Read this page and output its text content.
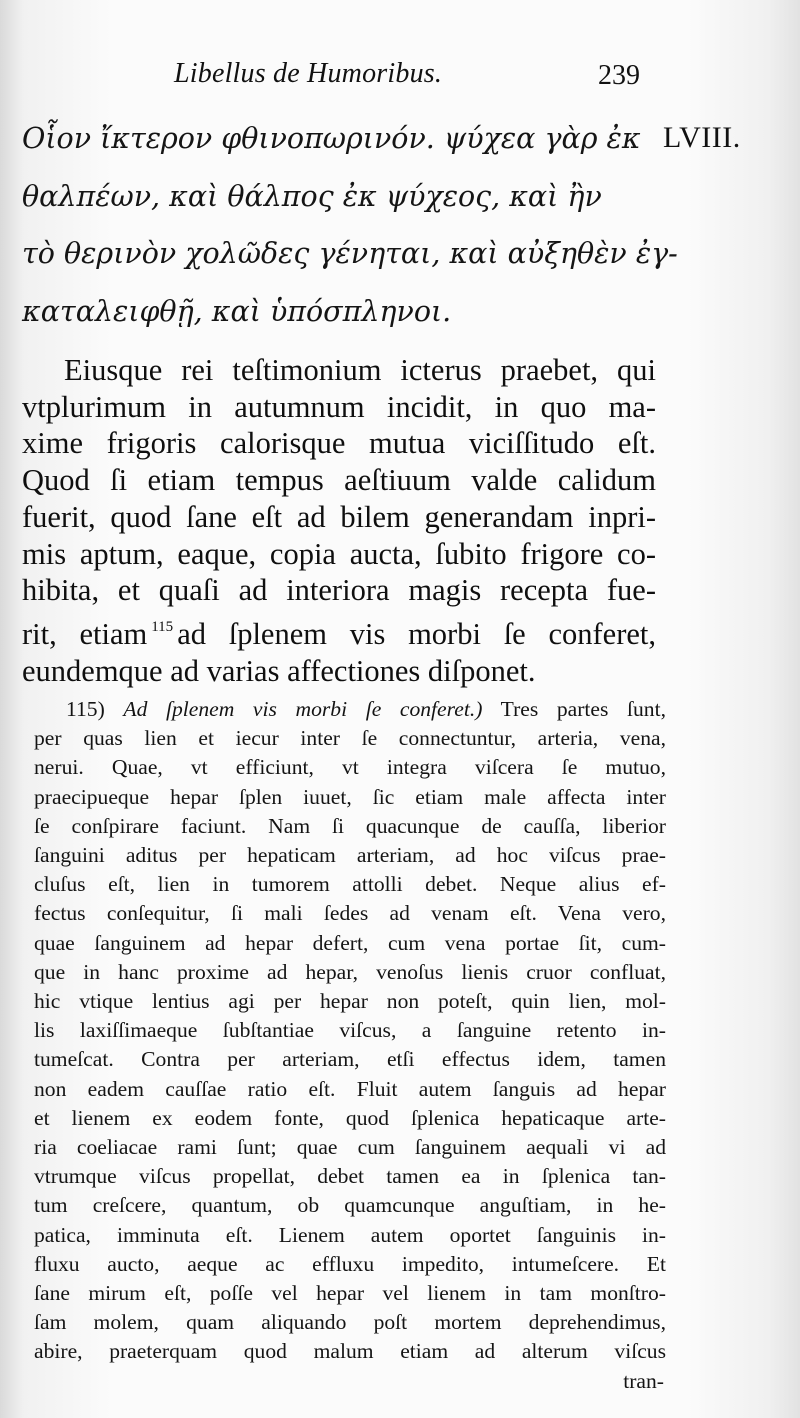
Libellus de Humoribus.	239
Οἷον ἴκτερον φθινοπωρινόν. ψύχεα γὰρ ἐκ
θαλπέων, καὶ θάλπος ἐκ ψύχεος, καὶ ἢν
τὸ θερινὸν χολῶδες γένηται, καὶ αὐξηθὲν ἐγ-
καταλειφθῇ, καὶ ὑπόσπληνοι.
LVIII.
Eiusque rei teſtimonium icterus praebet, qui
vtplurimum in autumnum incidit, in quo ma-
xime frigoris calorisque mutua viciſſitudo eſt.
Quod ſi etiam tempus aeſtiuum valde calidum
fuerit, quod ſane eſt ad bilem generandam inpri-
mis aptum, eaque, copia aucta, ſubito frigore co-
hibita, et quaſi ad interiora magis recepta fue-
rit, etiam $^{115}$ ad ſplenem vis morbi ſe conferet,
eundemque ad varias affectiones diſponet.
115) Ad ſplenem vis morbi ſe conferet.) Tres partes ſunt,
per quas lien et iecur inter ſe connectuntur, arteria, vena,
nerui. Quae, vt efficiunt, vt integra viſcera ſe mutuo,
praecipueque hepar ſplen iuuet, ſic etiam male affecta inter
ſe conſpirare faciunt. Nam ſi quacunque de cauſſa, liberior
ſanguini aditus per hepaticam arteriam, ad hoc viſcus prae-
cluſus eſt, lien in tumorem attolli debet. Neque alius ef-
fectus conſequitur, ſi mali ſedes ad venam eſt. Vena vero,
quae ſanguinem ad hepar defert, cum vena portae ſit, cum-
que in hanc proxime ad hepar, venoſus lienis cruor confluat,
hic vtique lentius agi per hepar non poteſt, quin lien, mol-
lis laxiſſimaeque ſubſtantiae viſcus, a ſanguine retento in-
tumeſcat. Contra per arteriam, etſi effectus idem, tamen
non eadem cauſſae ratio eſt. Fluit autem ſanguis ad hepar
et lienem ex eodem fonte, quod ſplenica hepaticaque arte-
ria coeliacae rami ſunt; quae cum ſanguinem aequali vi ad
vtrumque viſcus propellat, debet tamen ea in ſplenica tan-
tum creſcere, quantum, ob quamcunque anguſtiam, in he-
patica, imminuta eſt. Lienem autem oportet ſanguinis in-
fluxu aucto, aeque ac effluxu impedito, intumeſcere. Et
ſane mirum eſt, poſſe vel hepar vel lienem in tam monſtro-
ſam molem, quam aliquando poſt mortem deprehendimus,
abire, praeterquam quod malum etiam ad alterum viſcus
tran-
